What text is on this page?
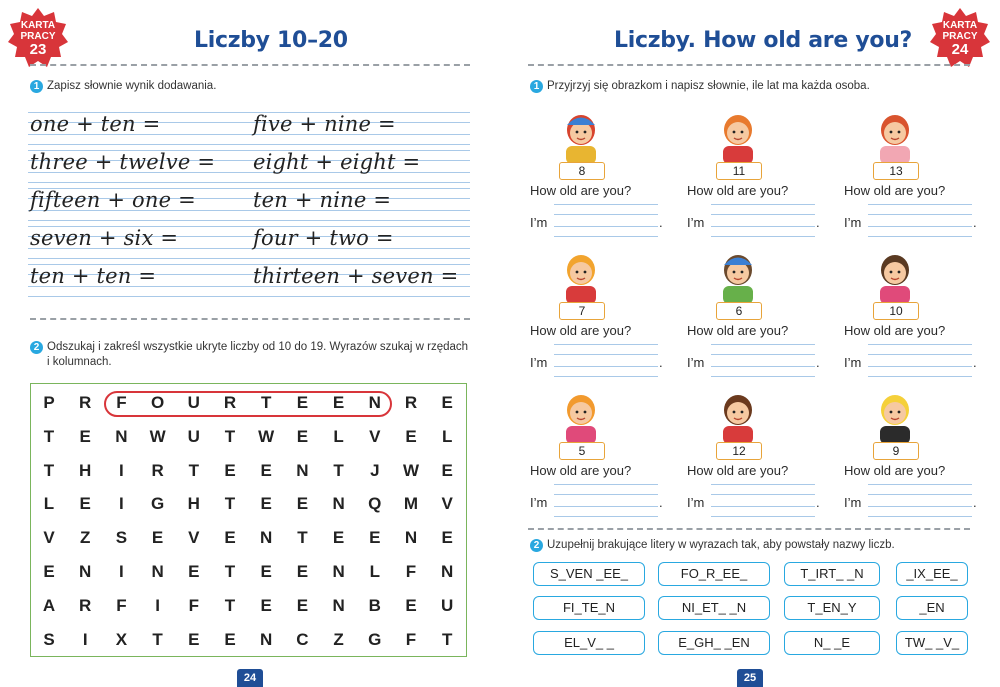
KARTA
PRACY
23	Liczby 10–20
1 Zapisz słownie wynik dodawania.
one + ten =	five + nine =
three + twelve = eight + eight =
fifteen + one =	ten + nine =
seven + six =	four + two =
ten + ten =	thirteen + seven =
2 Odszukaj i zakreśl wszystkie ukryte liczby od 10 do 19. Wyrazów szukaj w rzędach
i kolumnach.
P	R	F	O	U	R	T	E	E	N	R	E
T	E	N	W	U	T	W	E	L	V	E	L
T	H	I	R	T	E	E	N	T	J	W	E
L	E	I	G	H	T	E	E	N	Q	M	V
V	Z	S	E	V	E	N	T	E	E	N	E
E	N	I	N	E	T	E	E	N	L	F	N
A	R	F	I	F	T	E	E	N	B	E	U
S	I	X	T	E	E	N	C	Z	G	F	T
24
KARTA
PRACY
24
Liczby. How old are you?
1 Przyjrzyj się obrazkom i napisz słownie, ile lat ma każda osoba.
8
How old are you?
I’m	.
11
How old are you?
I’m	.
13
How old are you?
I’m	.
7
How old are you?
I’m	.
6
How old are you?
I’m	.
10
How old are you?
I’m	.
5
How old are you?
I’m	.
12
How old are you?
I’m	.
9
How old are you?
I’m	.
2 Uzupełnij brakujące litery w wyrazach tak, aby powstały nazwy liczb.
S_VEN _EE_	FO_R_EE_	T_IRT_ _N	_IX_EE_
FI_TE_N	NI_ET_ _N	T_EN_Y	_EN
EL_V_ _	E_GH_ _EN	N_ _E	TW_ _V_
25
